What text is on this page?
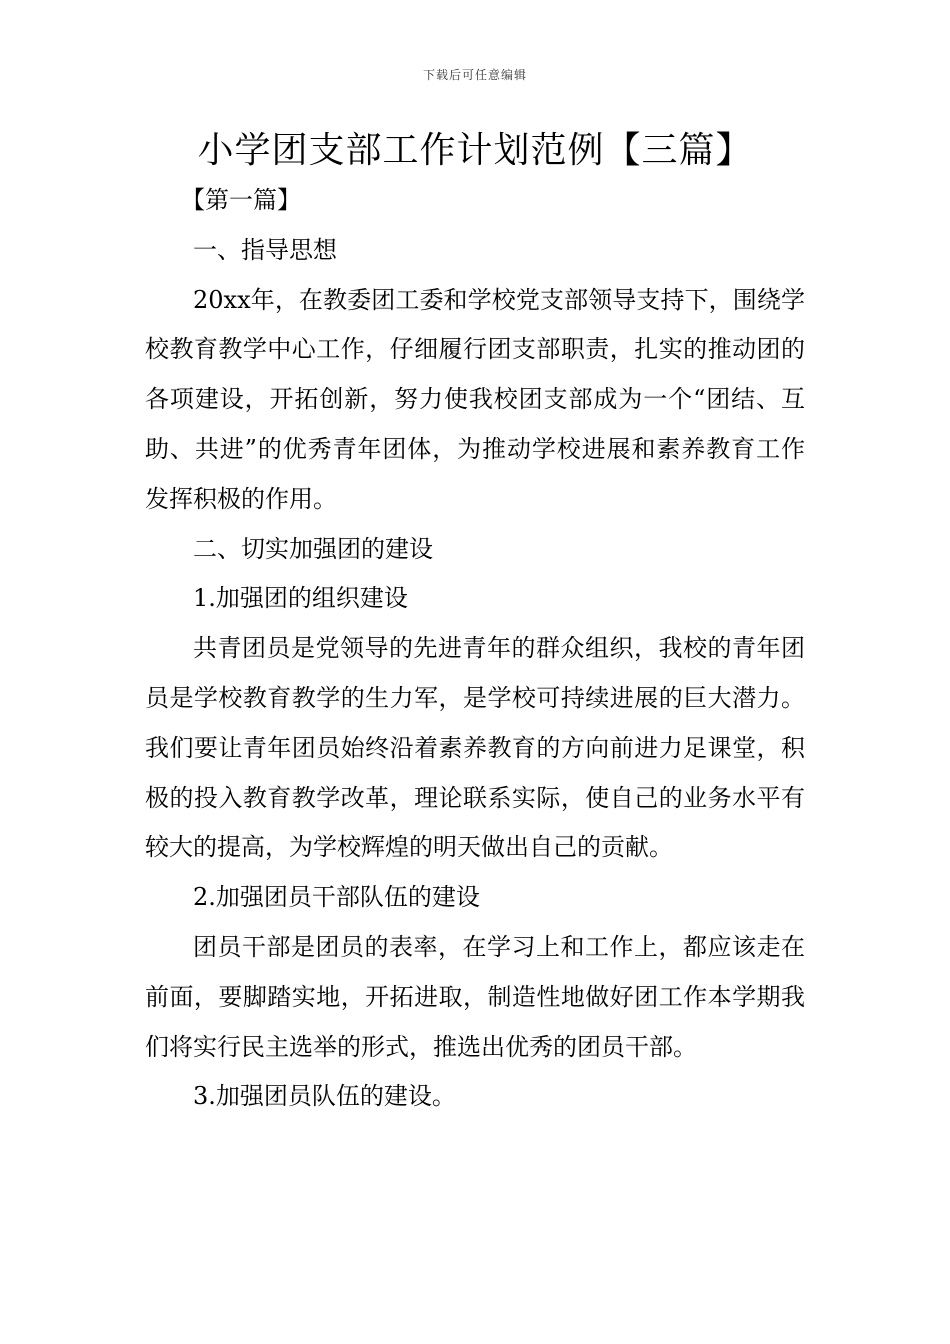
下载后可任意编辑
小学团支部工作计划范例【三篇】

【第一篇】

一、指导思想

20xx年，在教委团工委和学校党支部领导支持下，围绕学校教育教学中心工作，仔细履行团支部职责，扎实的推动团的各项建设，开拓创新，努力使我校团支部成为一个“团结、互助、共进”的优秀青年团体，为推动学校进展和素养教育工作发挥积极的作用。

二、切实加强团的建设

1.加强团的组织建设

共青团员是党领导的先进青年的群众组织，我校的青年团员是学校教育教学的生力军，是学校可持续进展的巨大潜力。我们要让青年团员始终沿着素养教育的方向前进力足课堂，积极的投入教育教学改革，理论联系实际，使自己的业务水平有较大的提高，为学校辉煌的明天做出自己的贡献。

2.加强团员干部队伍的建设

团员干部是团员的表率，在学习上和工作上，都应该走在前面，要脚踏实地，开拓进取，制造性地做好团工作本学期我们将实行民主选举的形式，推选出优秀的团员干部。

3.加强团员队伍的建设。
